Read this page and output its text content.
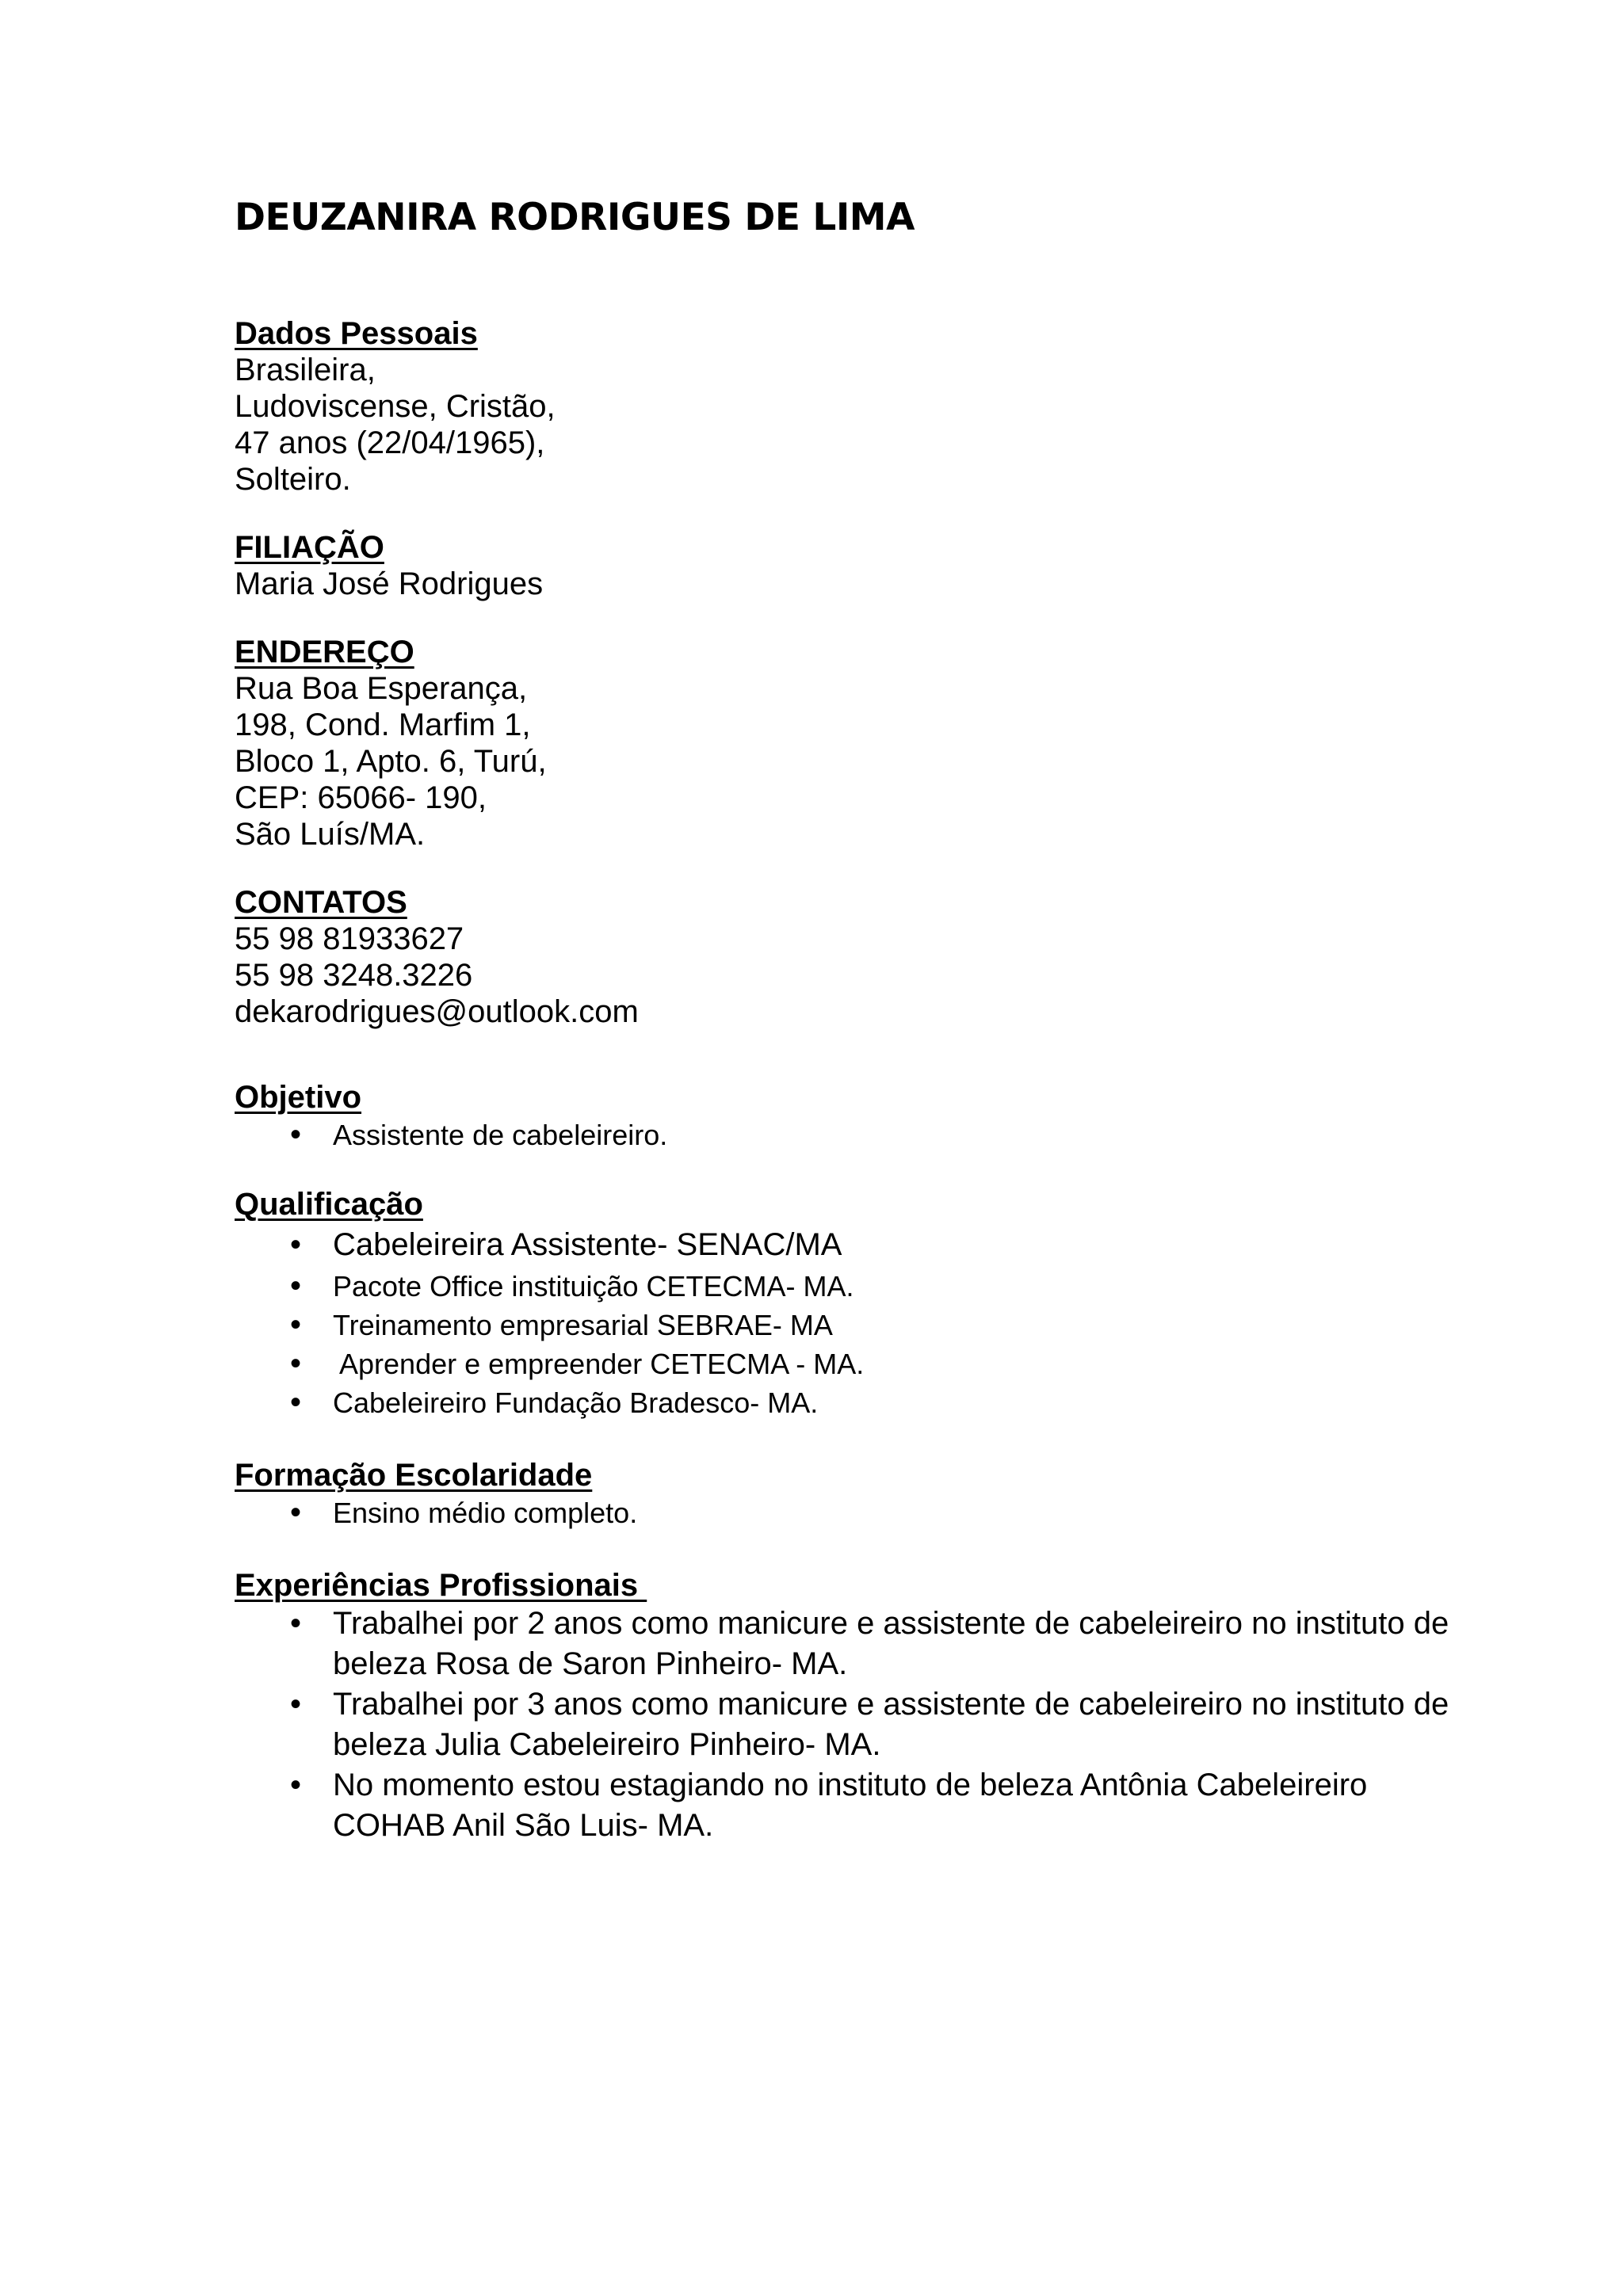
DEUZANIRA RODRIGUES DE LIMA

Dados Pessoais

Brasileira,

Ludoviscense, Cristão,

47 anos (22/04/1965),

Solteiro.

FILIAÇÃO

Maria José Rodrigues

ENDEREÇO

Rua Boa Esperança,

198, Cond. Marfim 1,

Bloco 1, Apto. 6, Turú,

CEP: 65066- 190,

São Luís/MA.

CONTATOS

55 98 81933627

55 98 3248.3226

dekarodrigues@outlook.com

Objetivo

• Assistente de cabeleireiro.

Qualificação

• Cabeleireira Assistente- SENAC/MA
• Pacote Office instituição CETECMA- MA.
• Treinamento empresarial SEBRAE- MA
• Aprender e empreender CETECMA - MA.
• Cabeleireiro Fundação Bradesco- MA.

Formação Escolaridade

• Ensino médio completo.

Experiências Profissionais

• Trabalhei por 2 anos como manicure e assistente de cabeleireiro no instituto de beleza Rosa de Saron Pinheiro- MA.
• Trabalhei por 3 anos como manicure e assistente de cabeleireiro no instituto de beleza Julia Cabeleireiro Pinheiro- MA.
• No momento estou estagiando no instituto de beleza Antônia Cabeleireiro COHAB Anil São Luis- MA.
